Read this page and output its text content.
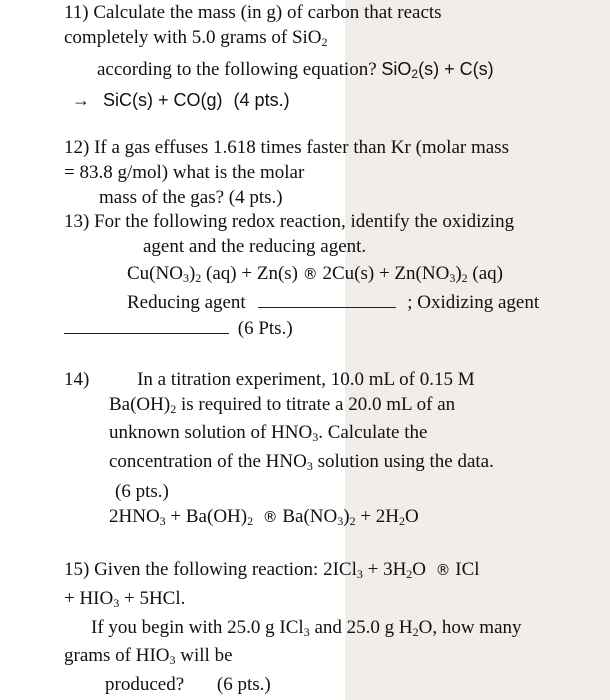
11) Calculate the mass (in g) of carbon that reacts
completely with 5.0 grams of SiO$_2$
according to the following equation? SiO$_2$(s) + C(s)
→ SiC(s) + CO(g) (4 pts.)
12) If a gas effuses 1.618 times faster than Kr (molar mass
= 83.8 g/mol) what is the molar
mass of the gas? (4 pts.)
13) For the following redox reaction, identify the oxidizing
agent and the reducing agent.
$Cu(NO_3)_2$ (aq) + Zn(s) ® $2Cu(s) + Zn(NO_3)_2$ (aq)
Reducing agent	; Oxidizing agent
(6 Pts.)
14)	In a titration experiment, 10.0 mL of 0.15 M
$Ba(OH)_2$ is required to titrate a 20.0 mL of an
unknown solution of $HNO_3$. Calculate the
concentration of the $HNO_3$ solution using the data.
(6 pts.)
$2HNO_3 + Ba(OH)_2$ ® $Ba(NO_3)_2 + 2H_2O$
15) Given the following reaction: $2ICl_3 + 3H_2O$  ® ICl
+ $HIO_3 + 5HCl$.
If you begin with 25.0 g ICl$_3$ and 25.0 g $H_2O$, how many
grams of $HIO_3$ will be
produced? (6 pts.)
